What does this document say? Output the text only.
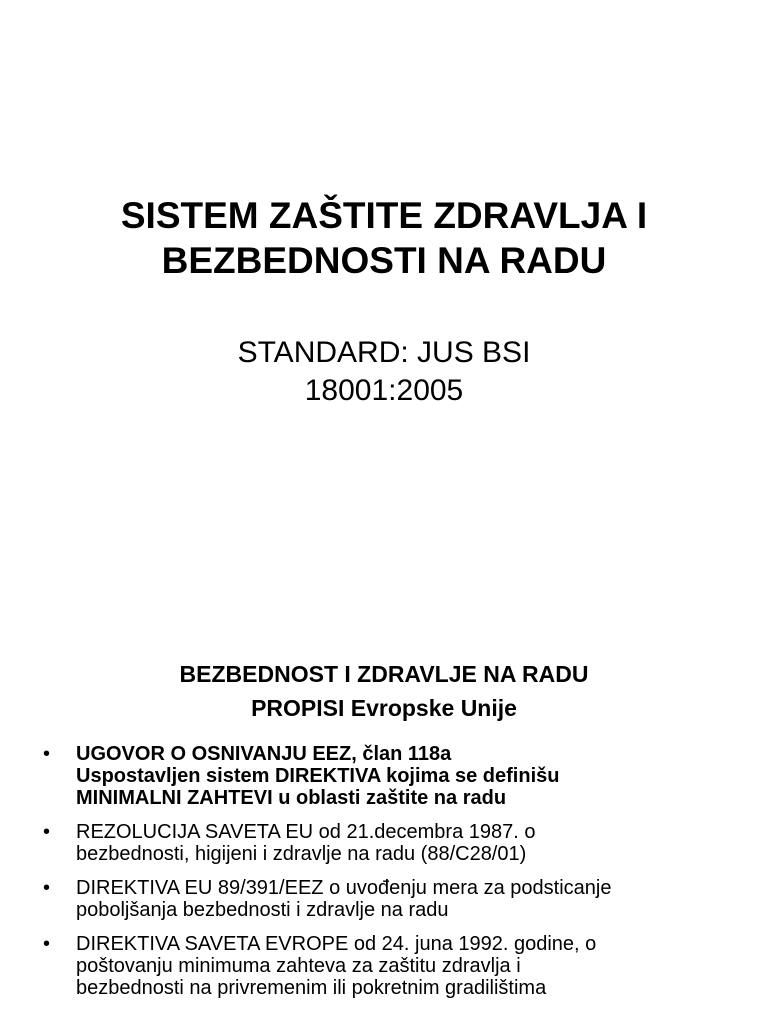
SISTEM ZAŠTITE ZDRAVLJA I
BEZBEDNOSTI NA RADU
STANDARD: JUS BSI
18001:2005
BEZBEDNOST I ZDRAVLJE NA RADU
PROPISI Evropske Unije
• UGOVOR O OSNIVANJU EEZ, član 118a
Uspostavljen sistem DIREKTIVA kojima se definišu
MINIMALNI ZAHTEVI u oblasti zaštite na radu
• REZOLUCIJA SAVETA EU od 21.decembra 1987. o
bezbednosti, higijeni i zdravlje na radu (88/C28/01)
• DIREKTIVA EU 89/391/EEZ o uvođenju mera za podsticanje
poboljšanja bezbednosti i zdravlje na radu
• DIREKTIVA SAVETA EVROPE od 24. juna 1992. godine, o
poštovanju minimuma zahteva za zaštitu zdravlja i
bezbednosti na privremenim ili pokretnim gradilištima
